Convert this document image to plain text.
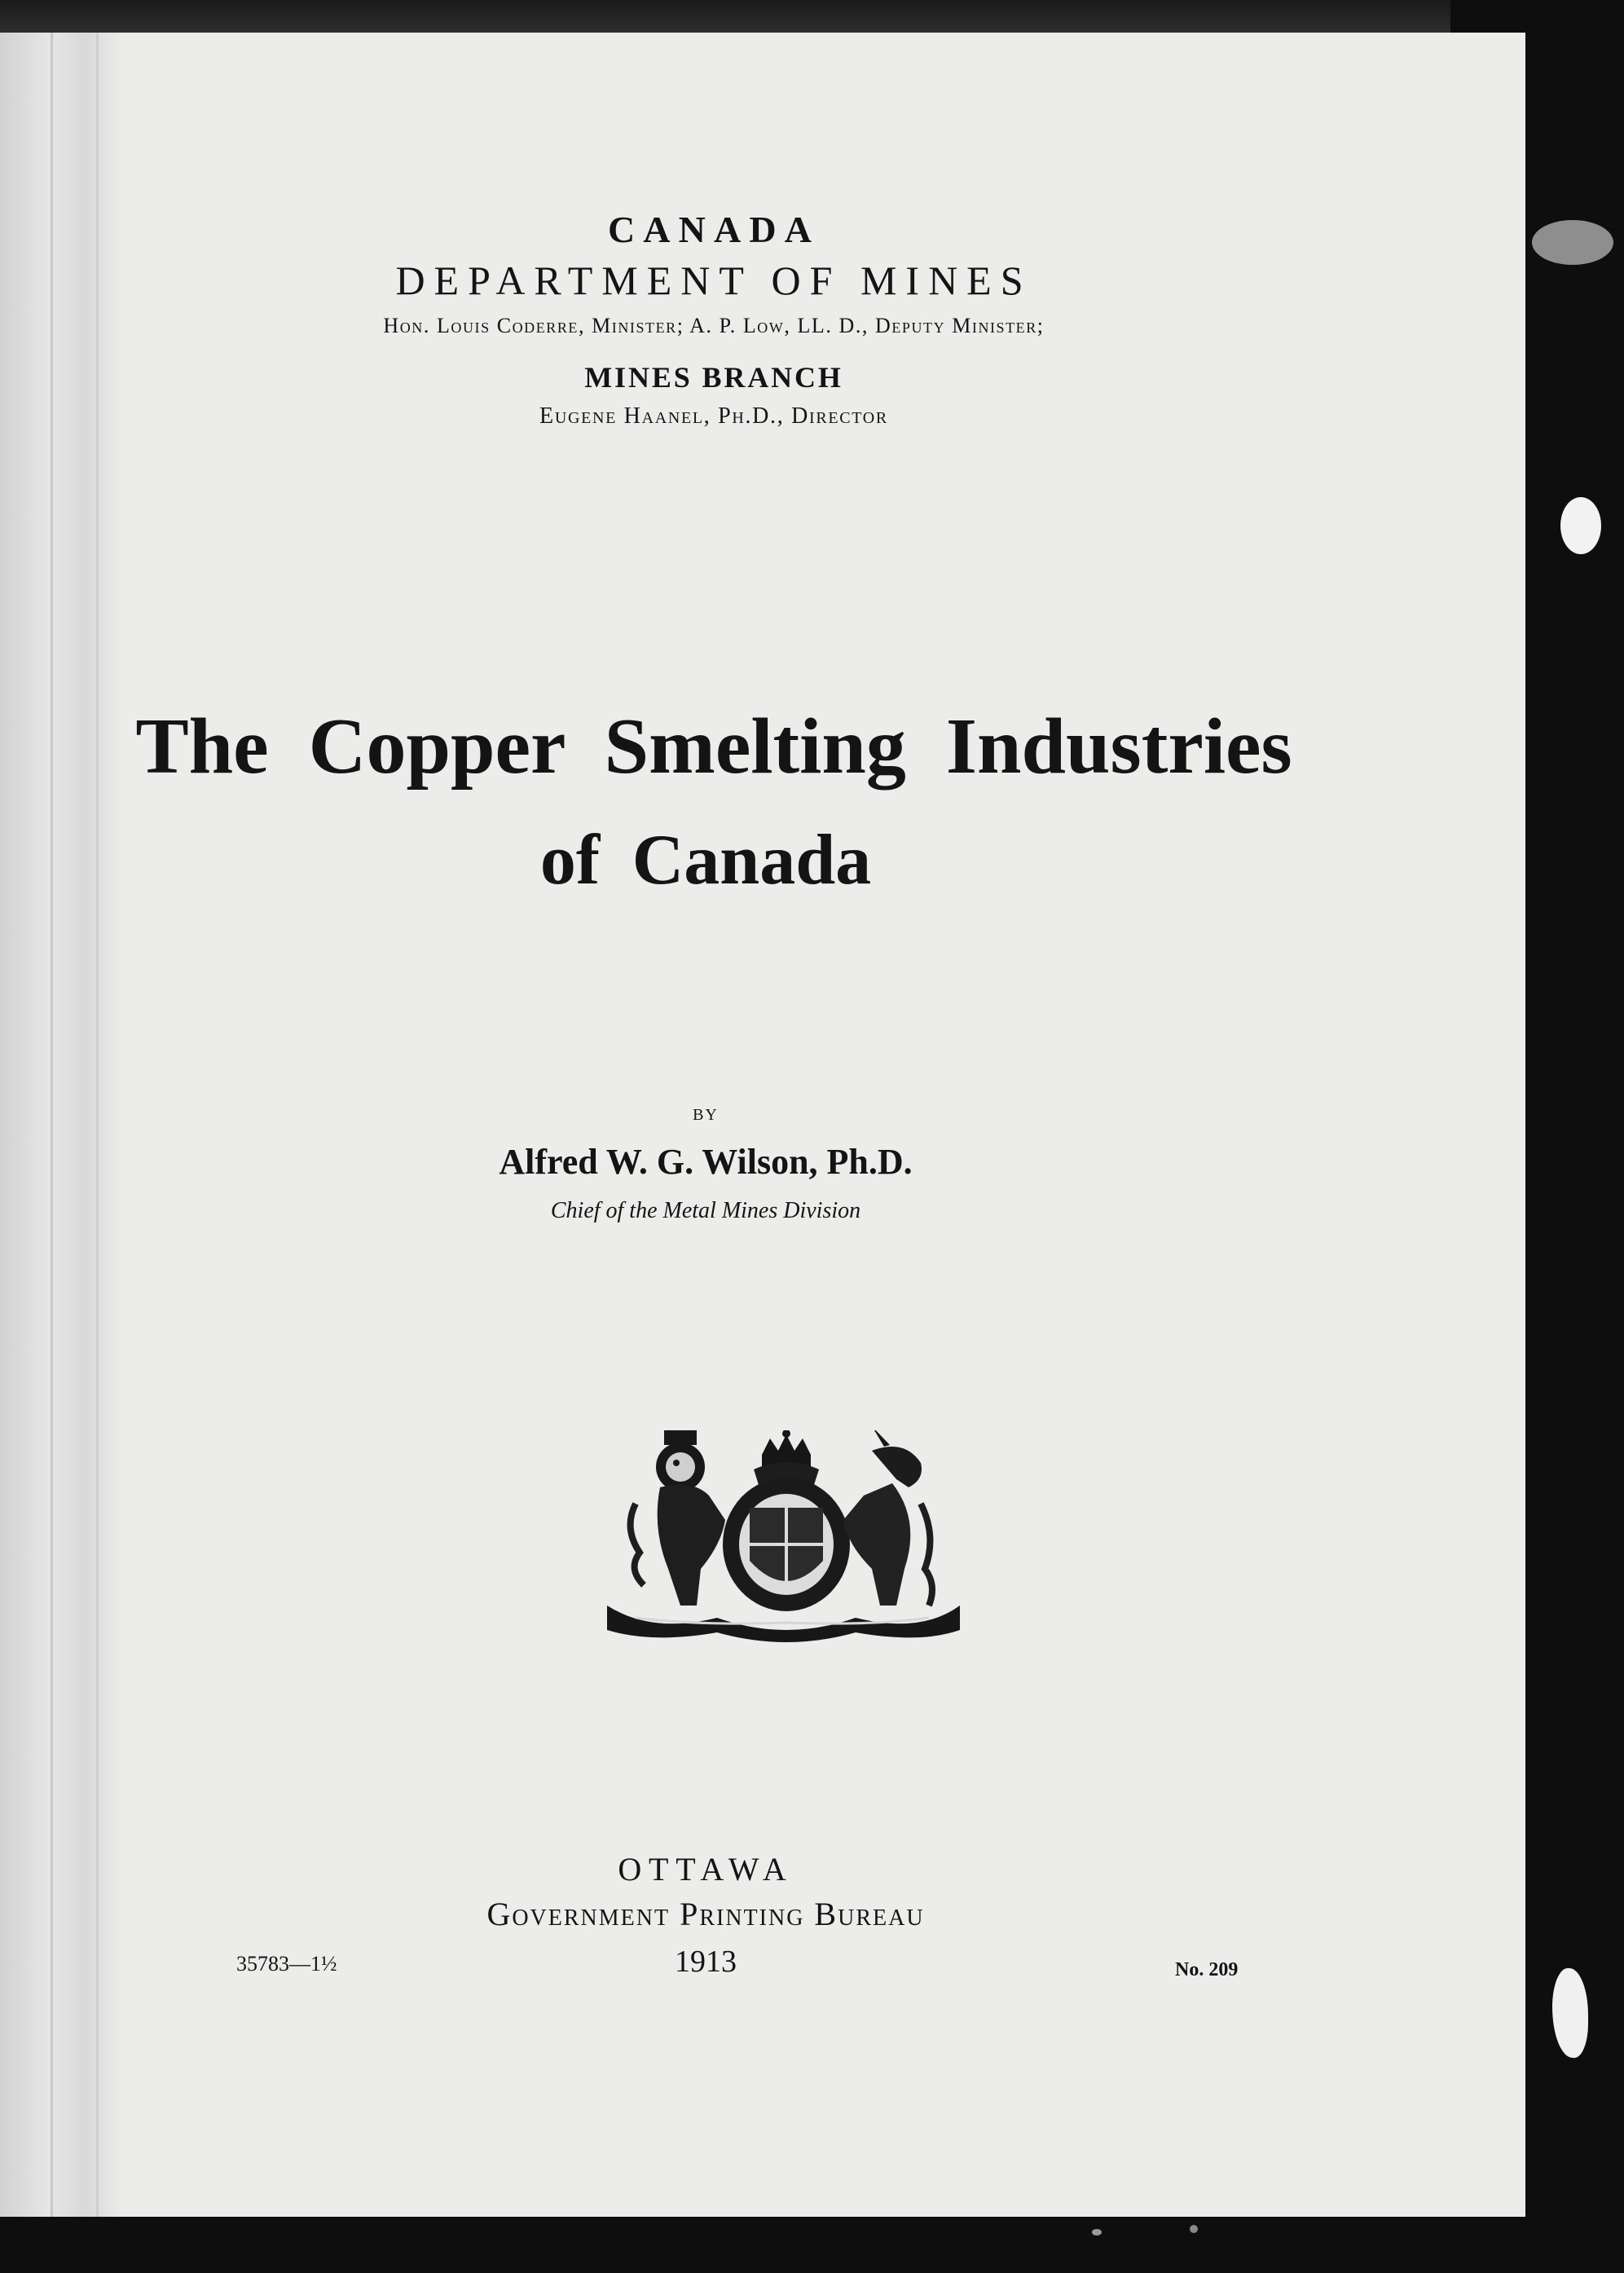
CANADA
DEPARTMENT OF MINES
Hon. Louis Coderre, Minister; A. P. Low, LL. D., Deputy Minister;
MINES BRANCH
Eugene Haanel, Ph.D., Director
The Copper Smelting Industries
of Canada
BY
Alfred W. G. Wilson, Ph.D.
Chief of the Metal Mines Division
OTTAWA
Government Printing Bureau
1913
35783—1½	No. 209
